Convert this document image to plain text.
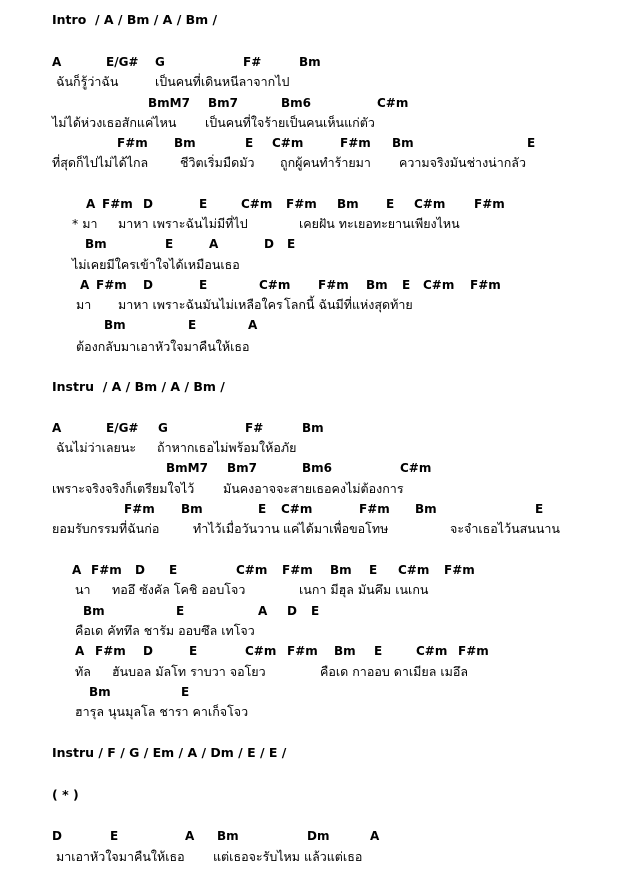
Intro  / A / Bm / A / Bm /
A	E/G# G	F#	Bm
ฉันก็รู้ว่าฉัน	เป็นคนที่เดินหนีลาจากไป
BmM7 Bm7	Bm6	C#m
ไม่ได้ห่วงเธอสักแค่ไหน เป็นคนที่ใจร้ายเป็นคนเห็นแก่ตัว
F#m Bm	E C#m	F#m Bm	E
ที่สุดก็ไปไม่ได้ไกล	ชีวิตเริ่มมืดมัว ถูกผู้คนทำร้ายมา ความจริงมันช่างน่ากลัว
A F#m D	E	C#m F#m Bm E C#m F#m
* มา มาหา เพราะฉันไม่มีที่ไป	เคยฝัน ทะเยอทะยานเพียงไหน
Bm	E	A	D E
ไม่เคยมีใครเข้าใจได้เหมือนเธอ
A F#m D	E	C#m F#m Bm E C#m F#m
มา มาหา เพราะฉันมันไม่เหลือใคร โลกนี้ ฉันมีที่แห่งสุดท้าย
Bm	E	A
ต้องกลับมาเอาหัวใจมาคืนให้เธอ
Instru  / A / Bm / A / Bm /
A	E/G# G	F#	Bm
ฉันไม่ว่าเลยนะ ถ้าหากเธอไม่พร้อมให้อภัย
BmM7 Bm7	Bm6	C#m
เพราะจริงจริงก็เตรียมใจไว้ มันคงอาจจะสายเธอคงไม่ต้องการ
F#m Bm	E C#m	F#m Bm	E
ยอมรับกรรมที่ฉันก่อ	ทำไว้เมื่อวันวาน แค่ได้มาเพื่อขอโทษ	จะจำเธอไว้นสนนาน
A F#m D E	C#m F#m Bm E C#m F#m
นา ทออึ ซังคัล โคชิ ออบโจว	เนกา มีฮุล มันคึม เนเกน
Bm	E	A D E
คือเด คัททึล ชารัม ออบซึล เทโจว
A F#m D	E	C#m F#m Bm E	C#m F#m
ทัล ฮันบอล มัลโท ราบวา จอโยว	คือเด กาออบ ดาเมียล เมอึล
Bm	E
ฮารุล นุนมุลโล ชารา คาเก็จโจว
Instru / F / G / Em / A / Dm / E / E /
( * )
D	E	A Bm	Dm	A
มาเอาหัวใจมาคืนให้เธอ แต่เธอจะรับไหม แล้วแต่เธอ
